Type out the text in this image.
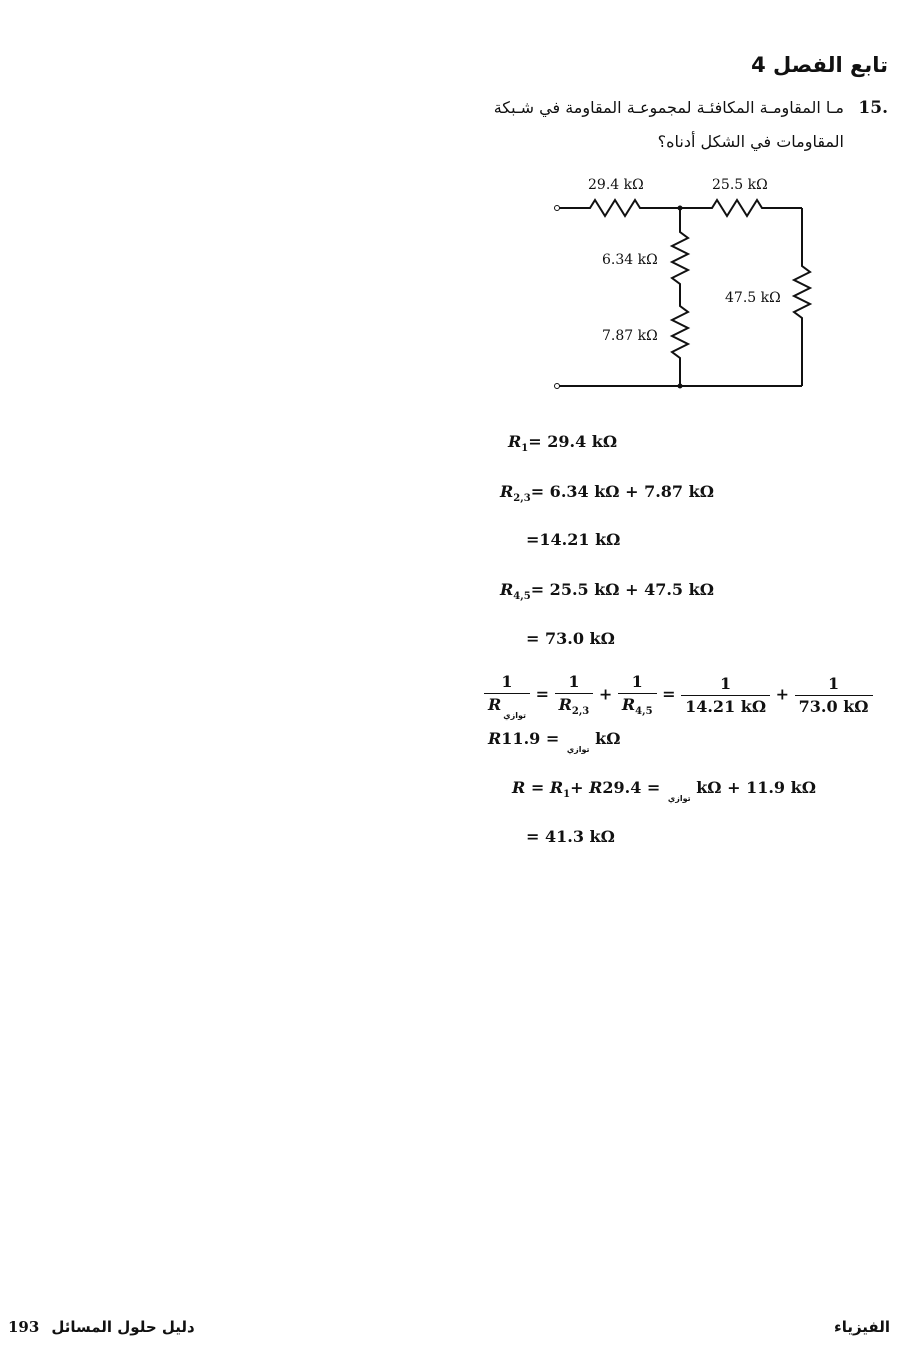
تابع الفصل 4
15.
مـا المقاومـة المكافئـة لمجموعـة المقاومة في شـبكة
المقاومات في الشكل أدناه؟
29.4 kΩ	25.5 kΩ
6.34 kΩ
47.5 kΩ
7.87 kΩ
$R_1= 29.4$ kΩ
$R_{2,3}= 6.34$ kΩ + 7.87 kΩ
=14.21 kΩ
$R_{4,5}= 25.5$ kΩ + 47.5 kΩ
= 73.0 kΩ
$\frac{1}{R_{توازي}} = \frac{1}{R_{2,3}} + \frac{1}{R_{4,5}} = \frac{1}{14.21 k\Omega} + \frac{1}{73.0 k\Omega}$
$R_{توازي} = 11.9$ kΩ
$R = R_1+ R_{توازي} = 29.4$ kΩ + 11.9 kΩ
= 41.3 kΩ
الفيزياء
193 دليل حلول المسائل
